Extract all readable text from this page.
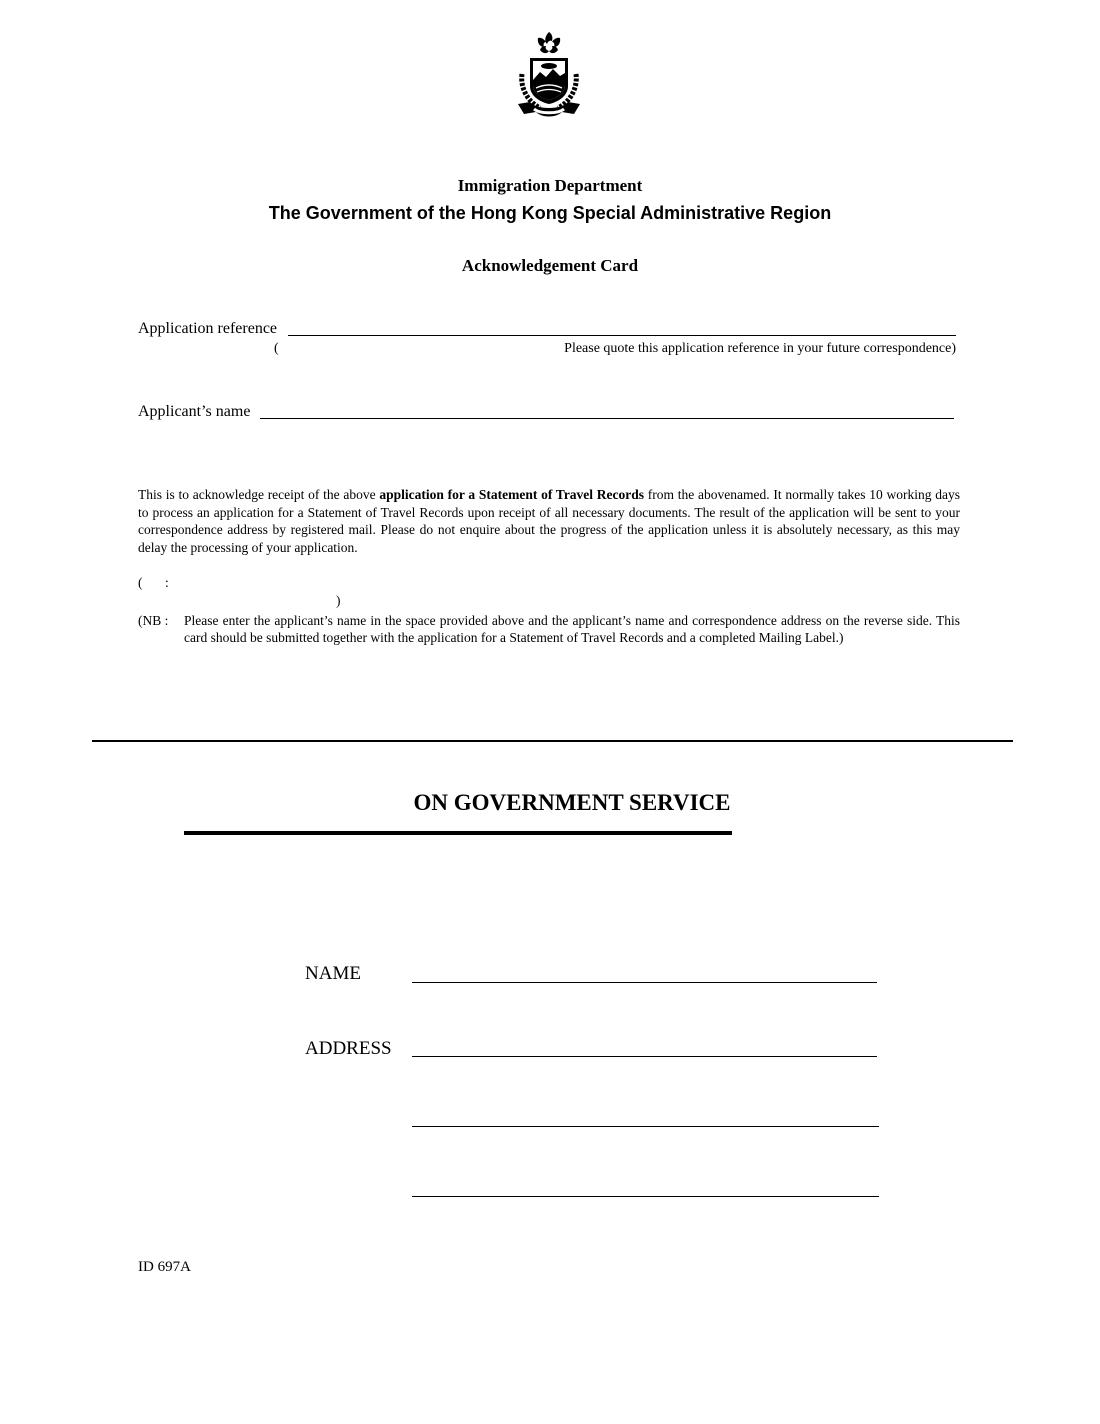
Immigration Department
The Government of the Hong Kong Special Administrative Region
Acknowledgement Card
Application reference
(	Please quote this application reference in your future correspondence)
Applicant’s name
This is to acknowledge receipt of the above application for a Statement of Travel Records from the abovenamed. It normally takes 10 working days to process an application for a Statement of Travel Records upon receipt of all necessary documents. The result of the application will be sent to your correspondence address by registered mail. Please do not enquire about the progress of the application unless it is absolutely necessary, as this may delay the processing of your application.
( :
)
(NB : Please enter the applicant’s name in the space provided above and the applicant’s name and correspondence address on the reverse side. This card should be submitted together with the application for a Statement of Travel Records and a completed Mailing Label.)
ON GOVERNMENT SERVICE
NAME
ADDRESS
ID 697A
